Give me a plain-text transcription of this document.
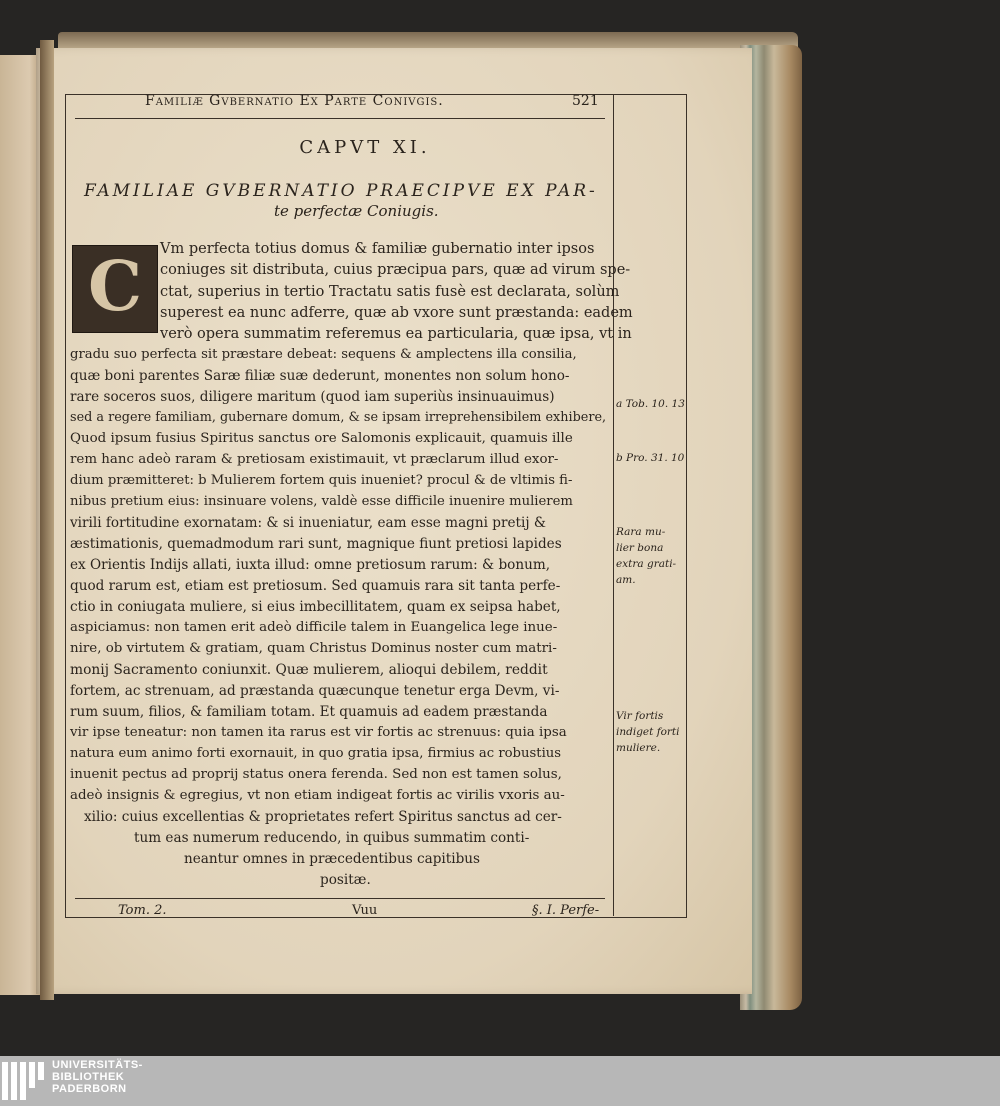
Familiæ Gvbernatio Ex Parte Conivgis.	521
CAPVT XI.
FAMILIAE GVBERNATIO PRAECIPVE EX PAR-
te perfectæ Coniugis.
C	Vm perfecta totius domus & familiæ gubernatio inter ipsos
coniuges sit distributa, cuius præcipua pars, quæ ad virum spe-
ctat, superius in tertio Tractatu satis fusè est declarata, solùm
superest ea nunc adferre, quæ ab vxore sunt præstanda: eadem
verò opera summatim referemus ea particularia, quæ ipsa, vt in
gradu suo perfecta sit præstare debeat: sequens & amplectens illa consilia,
quæ boni parentes Saræ filiæ suæ dederunt, monentes non solum hono-
rare soceros suos, diligere maritum (quod iam superiùs insinuauimus)
sed a regere familiam, gubernare domum, & se ipsam irreprehensibilem exhibere,
Quod ipsum fusius Spiritus sanctus ore Salomonis explicauit, quamuis ille
rem hanc adeò raram & pretiosam existimauit, vt præclarum illud exor-
dium præmitteret: b Mulierem fortem quis inueniet? procul & de vltimis fi-
nibus pretium eius: insinuare volens, valdè esse difficile inuenire mulierem
virili fortitudine exornatam: & si inueniatur, eam esse magni pretij &
æstimationis, quemadmodum rari sunt, magnique fiunt pretiosi lapides
ex Orientis Indijs allati, iuxta illud: omne pretiosum rarum: & bonum,
quod rarum est, etiam est pretiosum. Sed quamuis rara sit tanta perfe-
ctio in coniugata muliere, si eius imbecillitatem, quam ex seipsa habet,
aspiciamus: non tamen erit adeò difficile talem in Euangelica lege inue-
nire, ob virtutem & gratiam, quam Christus Dominus noster cum matri-
monij Sacramento coniunxit. Quæ mulierem, alioqui debilem, reddit
fortem, ac strenuam, ad præstanda quæcunque tenetur erga Devm, vi-
rum suum, filios, & familiam totam. Et quamuis ad eadem præstanda
vir ipse teneatur: non tamen ita rarus est vir fortis ac strenuus: quia ipsa
natura eum animo forti exornauit, in quo gratia ipsa, firmius ac robustius
inuenit pectus ad proprij status onera ferenda. Sed non est tamen solus,
adeò insignis & egregius, vt non etiam indigeat fortis ac virilis vxoris au-
xilio: cuius excellentias & proprietates refert Spiritus sanctus ad cer-
tum eas numerum reducendo, in quibus summatim conti-
neantur omnes in præcedentibus capitibus
positæ.
a Tob. 10. 13
b Pro. 31. 10
Rara mu-
lier bona
extra grati-
am.
Vir fortis
indiget forti
muliere.
Tom. 2.	Vuu	§. I. Perfe-
UNIVERSITÄTS-
BIBLIOTHEK
PADERBORN
